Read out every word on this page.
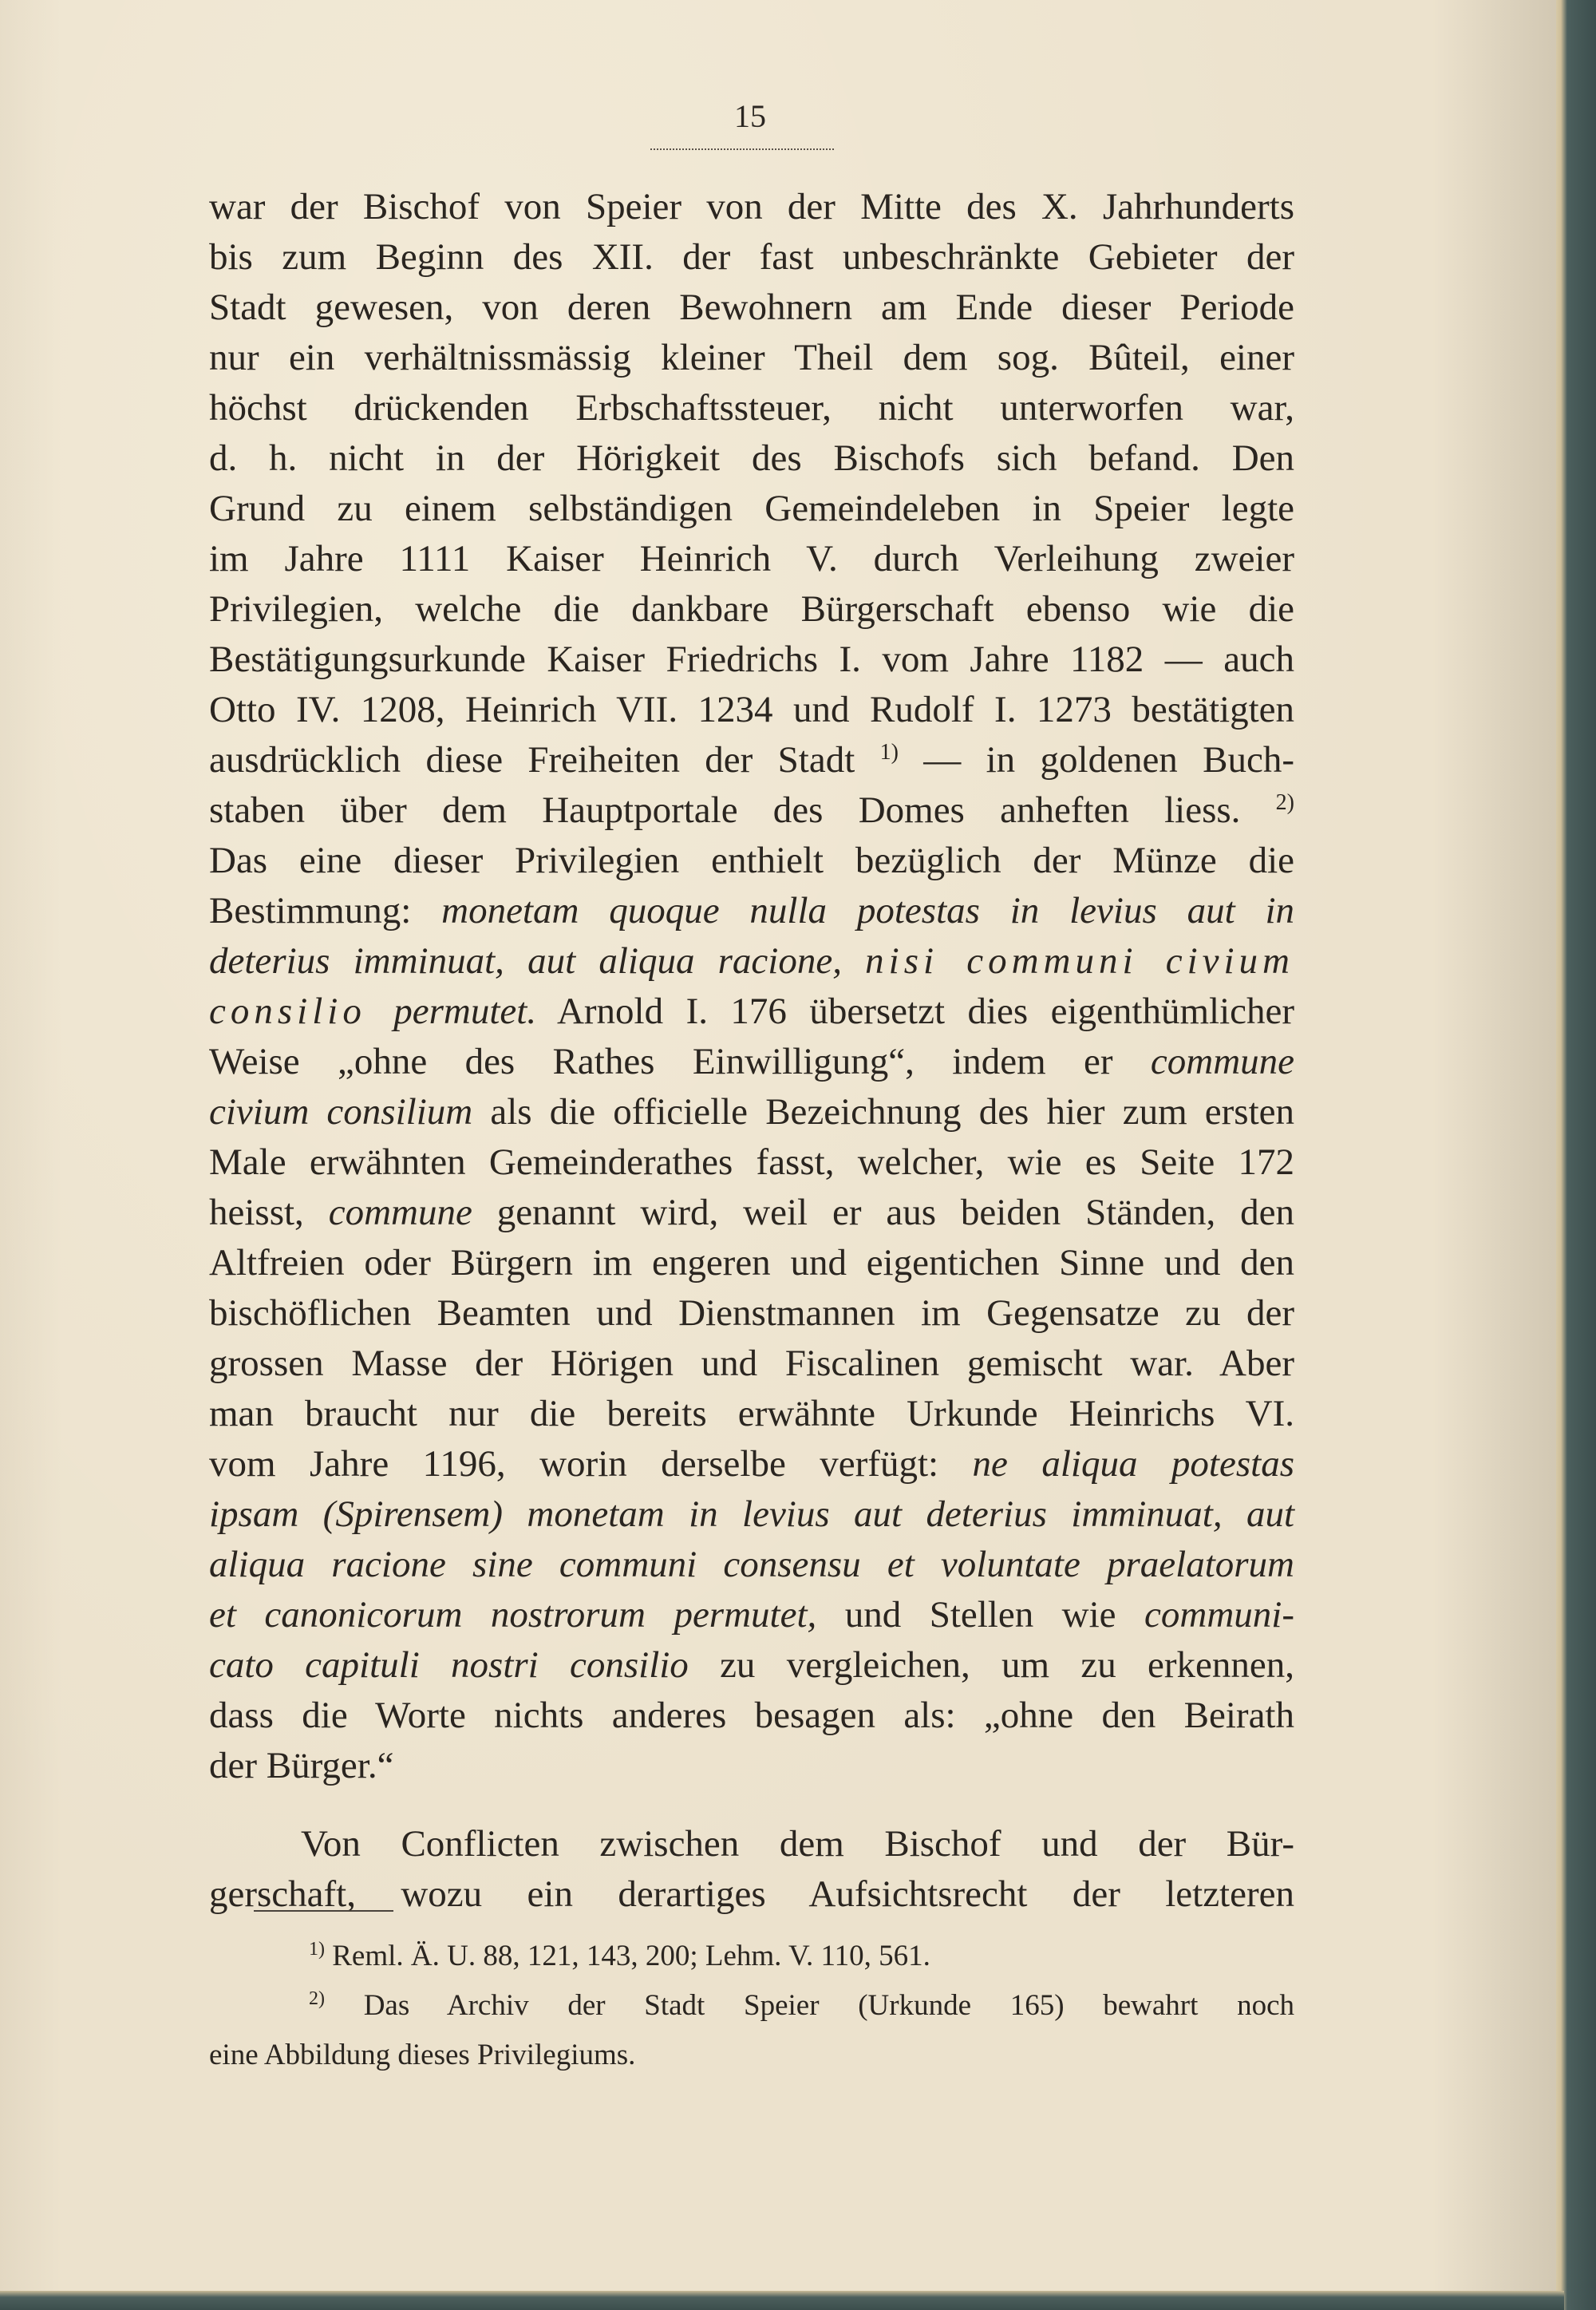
15
war der Bischof von Speier von der Mitte des X. Jahrhunderts
bis zum Beginn des XII. der fast unbeschränkte Gebieter der
Stadt gewesen, von deren Bewohnern am Ende dieser Periode
nur ein verhältnissmässig kleiner Theil dem sog. Bûteil, einer
höchst drückenden Erbschaftssteuer, nicht unterworfen war,
d. h. nicht in der Hörigkeit des Bischofs sich befand. Den
Grund zu einem selbständigen Gemeindeleben in Speier legte
im Jahre 1111 Kaiser Heinrich V. durch Verleihung zweier
Privilegien, welche die dankbare Bürgerschaft ebenso wie die
Bestätigungsurkunde Kaiser Friedrichs I. vom Jahre 1182 — auch
Otto IV. 1208, Heinrich VII. 1234 und Rudolf I. 1273 bestätigten
ausdrücklich diese Freiheiten der Stadt $^{1)}$ — in goldenen Buch-
staben über dem Hauptportale des Domes anheften liess. $^{2)}$
Das eine dieser Privilegien enthielt bezüglich der Münze die
Bestimmung: monetam quoque nulla potestas in levius aut in
deterius imminuat, aut aliqua racione, nisi communi civium
consilio permutet. Arnold I. 176 übersetzt dies eigenthümlicher
Weise „ohne des Rathes Einwilligung“, indem er commune
civium consilium als die officielle Bezeichnung des hier zum ersten
Male erwähnten Gemeinderathes fasst, welcher, wie es Seite 172
heisst, commune genannt wird, weil er aus beiden Ständen, den
Altfreien oder Bürgern im engeren und eigentichen Sinne und den
bischöflichen Beamten und Dienstmannen im Gegensatze zu der
grossen Masse der Hörigen und Fiscalinen gemischt war. Aber
man braucht nur die bereits erwähnte Urkunde Heinrichs VI.
vom Jahre 1196, worin derselbe verfügt: ne aliqua potestas
ipsam (Spirensem) monetam in levius aut deterius imminuat, aut
aliqua racione sine communi consensu et voluntate praelatorum
et canonicorum nostrorum permutet, und Stellen wie communi-
cato capituli nostri consilio zu vergleichen, um zu erkennen,
dass die Worte nichts anderes besagen als: „ohne den Beirath
der Bürger.“
Von Conflicten zwischen dem Bischof und der Bür-
gerschaft, wozu ein derartiges Aufsichtsrecht der letzteren
$^{1)}$ Reml. Ä. U. 88, 121, 143, 200; Lehm. V. 110, 561.
$^{2)}$ Das Archiv der Stadt Speier (Urkunde 165) bewahrt noch
eine Abbildung dieses Privilegiums.
